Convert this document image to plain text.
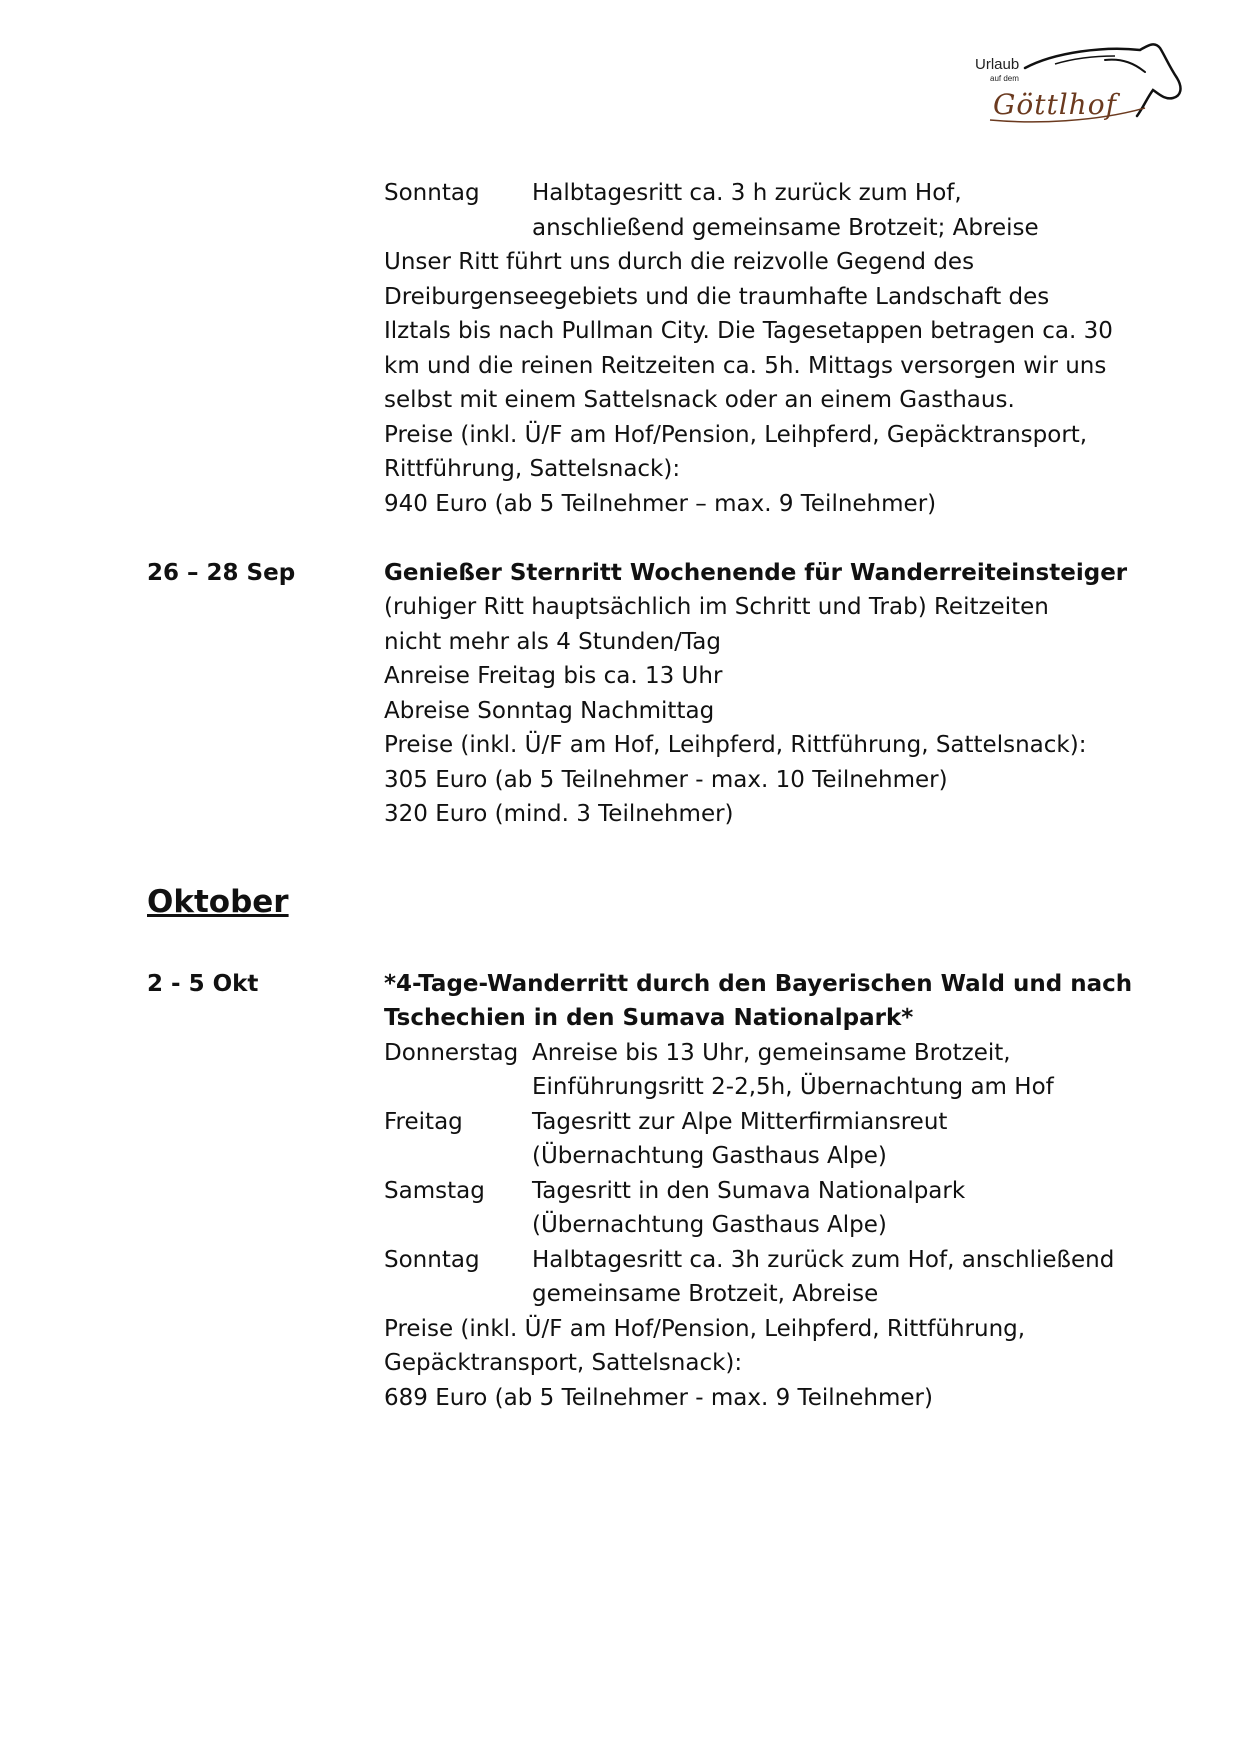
Urlaub
auf dem
Göttlhof
Sonntag Halbtagesritt ca. 3 h zurück zum Hof,
anschließend gemeinsame Brotzeit; Abreise
Unser Ritt führt uns durch die reizvolle Gegend des
Dreiburgenseegebiets und die traumhafte Landschaft des
Ilztals bis nach Pullman City. Die Tagesetappen betragen ca. 30
km und die reinen Reitzeiten ca. 5h. Mittags versorgen wir uns
selbst mit einem Sattelsnack oder an einem Gasthaus.
Preise (inkl. Ü/F am Hof/Pension, Leihpferd, Gepäcktransport,
Rittführung, Sattelsnack):
940 Euro (ab 5 Teilnehmer – max. 9 Teilnehmer)
26 – 28 Sep	Genießer Sternritt Wochenende für Wanderreiteinsteiger
(ruhiger Ritt hauptsächlich im Schritt und Trab) Reitzeiten
nicht mehr als 4 Stunden/Tag
Anreise Freitag bis ca. 13 Uhr
Abreise Sonntag Nachmittag
Preise (inkl. Ü/F am Hof, Leihpferd, Rittführung, Sattelsnack):
305 Euro (ab 5 Teilnehmer - max. 10 Teilnehmer)
320 Euro (mind. 3 Teilnehmer)
Oktober
2 - 5 Okt	*4-Tage-Wanderritt durch den Bayerischen Wald und nach
Tschechien in den Sumava Nationalpark*
Donnerstag Anreise bis 13 Uhr, gemeinsame Brotzeit,
Einführungsritt 2-2,5h, Übernachtung am Hof
Freitag	Tagesritt zur Alpe Mitterfirmiansreut
(Übernachtung Gasthaus Alpe)
Samstag Tagesritt in den Sumava Nationalpark
(Übernachtung Gasthaus Alpe)
Sonntag Halbtagesritt ca. 3h zurück zum Hof, anschließend
gemeinsame Brotzeit, Abreise
Preise (inkl. Ü/F am Hof/Pension, Leihpferd, Rittführung,
Gepäcktransport, Sattelsnack):
689 Euro (ab 5 Teilnehmer - max. 9 Teilnehmer)
